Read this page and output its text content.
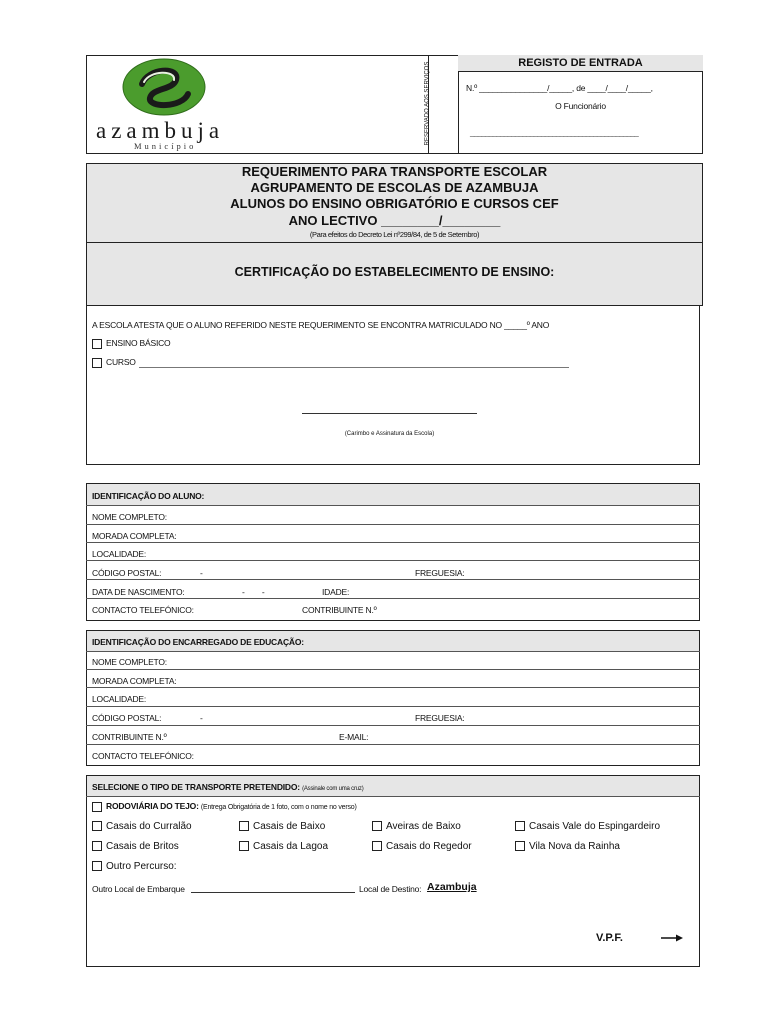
azambuja
Município
RESERVADO AOS SERVIÇOS	REGISTO DE ENTRADA
N.º _______________/_____, de ____/____/_____,
O Funcionário
_____________________________________________
REQUERIMENTO PARA TRANSPORTE ESCOLAR
AGRUPAMENTO DE ESCOLAS DE AZAMBUJA
ALUNOS DO ENSINO OBRIGATÓRIO E CURSOS CEF
ANO LECTIVO ________/________
(Para efeitos do Decreto Lei nº299/84, de 5 de Setembro)
CERTIFICAÇÃO DO ESTABELECIMENTO DE ENSINO:
A ESCOLA ATESTA QUE O ALUNO REFERIDO NESTE REQUERIMENTO SE ENCONTRA MATRICULADO NO _____º ANO
ENSINO BÁSICO
CURSO
(Carimbo e Assinatura da Escola)
IDENTIFICAÇÃO DO ALUNO:
NOME COMPLETO:
MORADA COMPLETA:
LOCALIDADE:
CÓDIGO POSTAL:	-	FREGUESIA:
DATA DE NASCIMENTO:	-        -	IDADE:
CONTACTO TELEFÓNICO:	CONTRIBUINTE N.º
IDENTIFICAÇÃO DO ENCARREGADO DE EDUCAÇÃO:
NOME COMPLETO:
MORADA COMPLETA:
LOCALIDADE:
CÓDIGO POSTAL:	-	FREGUESIA:
CONTRIBUINTE N.º	E-MAIL:
CONTACTO TELEFÓNICO:
SELECIONE O TIPO DE TRANSPORTE PRETENDIDO: (Assinale com uma cruz)
RODOVIÁRIA DO TEJO: (Entrega Obrigatória de 1 foto, com o nome no verso)
Casais do Curralão	Casais de Baixo	Aveiras de Baixo	Casais Vale do Espingardeiro
Casais de Britos	Casais da Lagoa	Casais do Regedor	Vila Nova da Rainha
Outro Percurso:
Outro Local de Embarque	Local de Destino: Azambuja
V.P.F.
